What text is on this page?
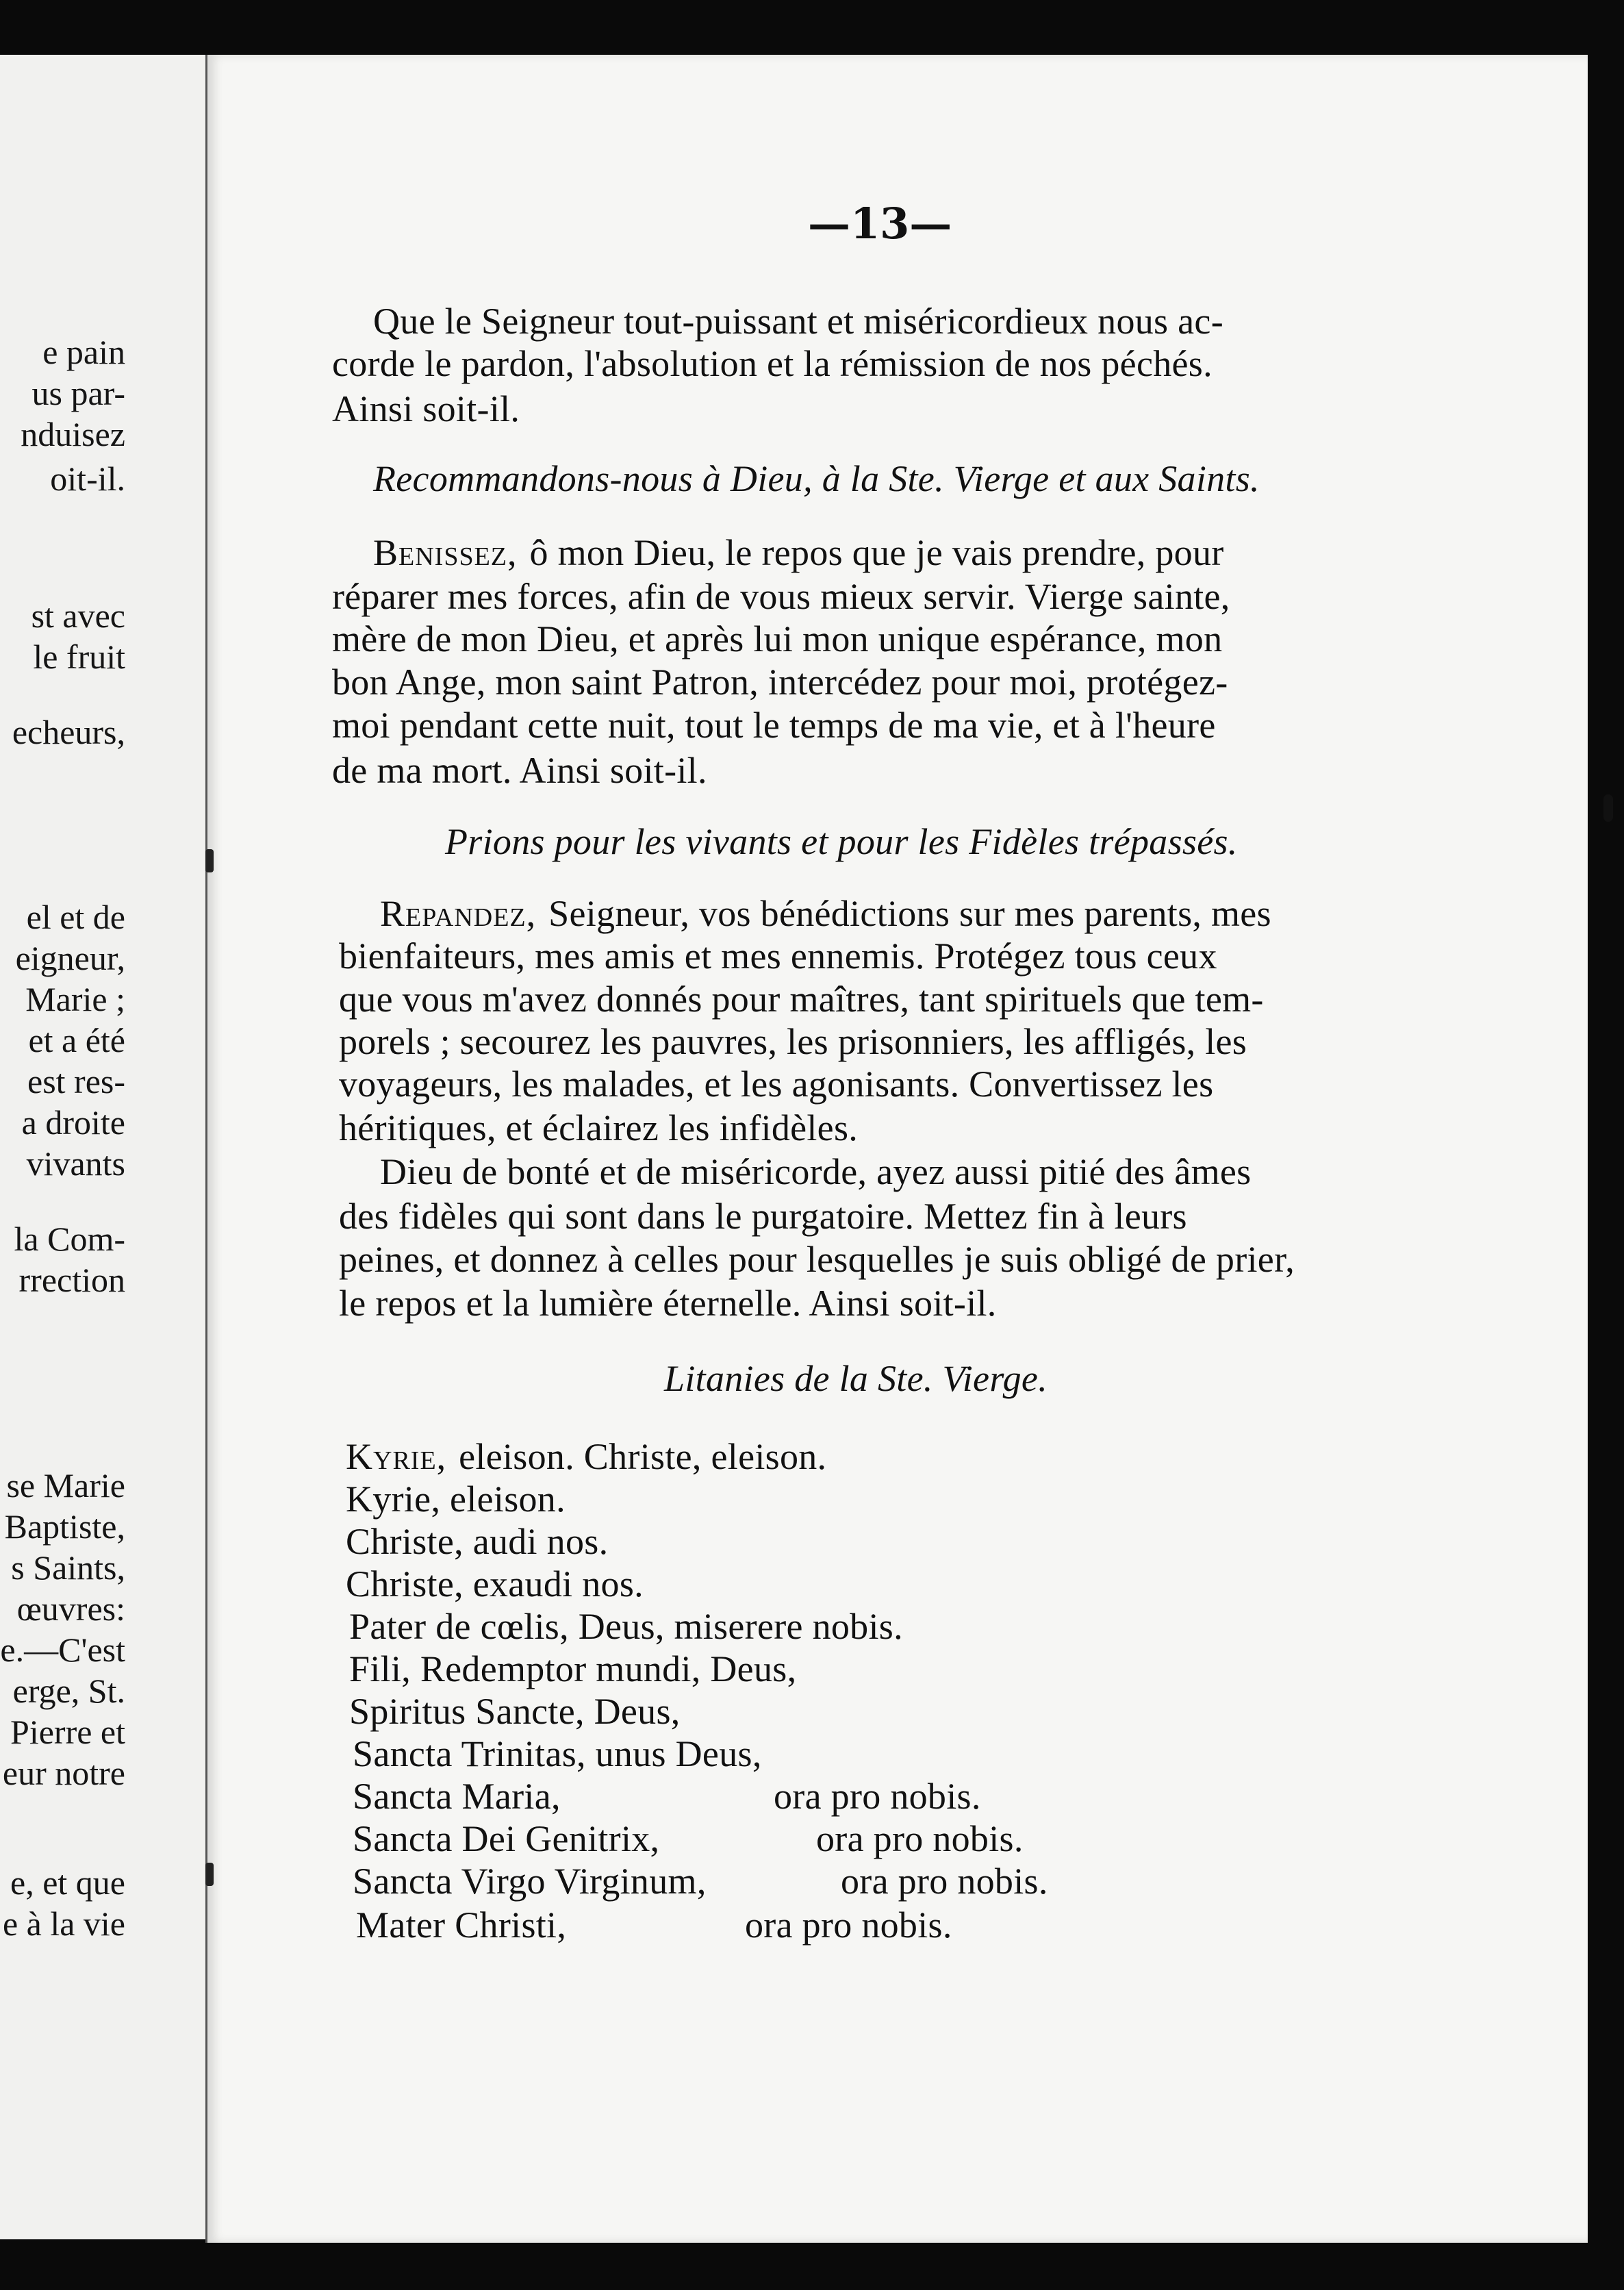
e pain
us par-
nduisez
oit-il.
st avec
le fruit
echeurs,
el et de
eigneur,
Marie ;
et a été
est res-
a droite
vivants
la Com-
rrection
se Marie
Baptiste,
s Saints,
œuvres:
e.—C'est
erge, St.
Pierre et
eur notre
e, et que
e à la vie
—13—
Que le Seigneur tout-puissant et miséricordieux nous ac-
corde le pardon, l'absolution et la rémission de nos péchés.
Ainsi soit-il.
Recommandons-nous à Dieu, à la Ste. Vierge et aux Saints.
Benissez, ô mon Dieu, le repos que je vais prendre, pour
réparer mes forces, afin de vous mieux servir. Vierge sainte,
mère de mon Dieu, et après lui mon unique espérance, mon
bon Ange, mon saint Patron, intercédez pour moi, protégez-
moi pendant cette nuit, tout le temps de ma vie, et à l'heure
de ma mort. Ainsi soit-il.
Prions pour les vivants et pour les Fidèles trépassés.
Repandez, Seigneur, vos bénédictions sur mes parents, mes
bienfaiteurs, mes amis et mes ennemis. Protégez tous ceux
que vous m'avez donnés pour maîtres, tant spirituels que tem-
porels ; secourez les pauvres, les prisonniers, les affligés, les
voyageurs, les malades, et les agonisants. Convertissez les
héritiques, et éclairez les infidèles.
Dieu de bonté et de miséricorde, ayez aussi pitié des âmes
des fidèles qui sont dans le purgatoire. Mettez fin à leurs
peines, et donnez à celles pour lesquelles je suis obligé de prier,
le repos et la lumière éternelle. Ainsi soit-il.
Litanies de la Ste. Vierge.
Kyrie, eleison. Christe, eleison.
Kyrie, eleison.
Christe, audi nos.
Christe, exaudi nos.
Pater de cœlis, Deus, miserere nobis.
Fili, Redemptor mundi, Deus,
Spiritus Sancte, Deus,
Sancta Trinitas, unus Deus,
Sancta Maria,	ora pro nobis.
Sancta Dei Genitrix,	ora pro nobis.
Sancta Virgo Virginum,	ora pro nobis.
Mater Christi,	ora pro nobis.
